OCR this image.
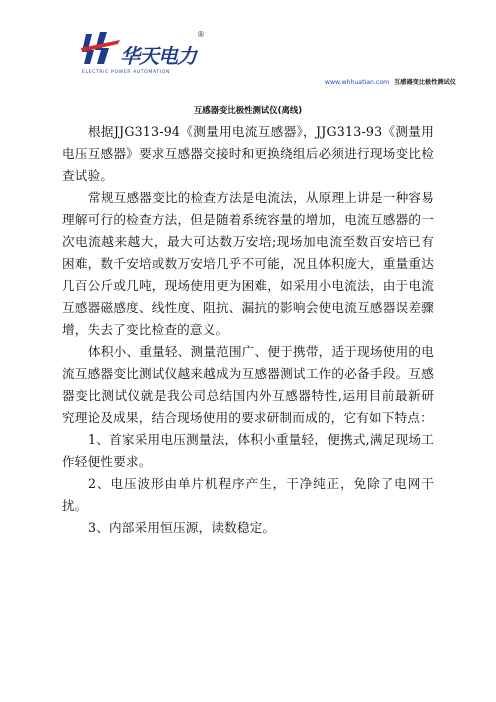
华天电力
®
ELECTRIC POWER AUTOMATION
www.whhuatian.com 互感器变比极性测试仪
互感器变比极性测试仪(离线)

根据JJG313-94《测量用电流互感器》，JJG313-93《测量用电压互感器》要求互感器交接时和更换绕组后必须进行现场变比检查试验。

常规互感器变比的检查方法是电流法，从原理上讲是一种容易理解可行的检查方法，但是随着系统容量的增加，电流互感器的一次电流越来越大，最大可达数万安培;现场加电流至数百安培已有困难，数千安培或数万安培几乎不可能，况且体积庞大，重量重达几百公斤或几吨，现场使用更为困难，如采用小电流法，由于电流互感器磁感度、线性度、阻抗、漏抗的影响会使电流互感器误差骤增，失去了变比检查的意义。

体积小、重量轻、测量范围广、便于携带，适于现场使用的电流互感器变比测试仪越来越成为互感器测试工作的必备手段。互感器变比测试仪就是我公司总结国内外互感器特性,运用目前最新研究理论及成果，结合现场使用的要求研制而成的，它有如下特点：

1、首家采用电压测量法，体积小重量轻，便携式,满足现场工作轻便性要求。

2、电压波形由单片机程序产生，干净纯正，免除了电网干扰。

3、内部采用恒压源，读数稳定。
